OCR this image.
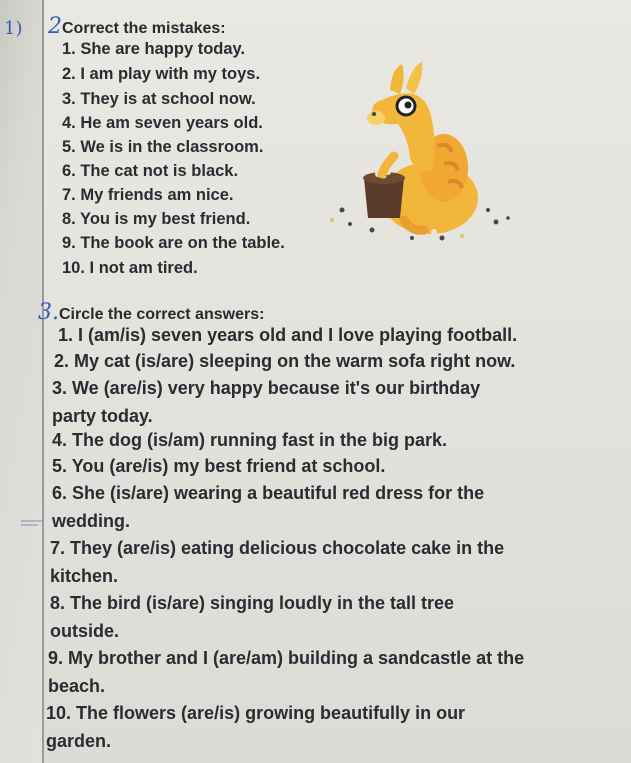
1) 2Correct the mistakes:
1. She are happy today.
2. I am play with my toys.
3. They is at school now.
4. He am seven years old.
5. We is in the classroom.
6. The cat not is black.
7. My friends am nice.
8. You is my best friend.
9. The book are on the table.
10. I not am tired.
3.Circle the correct answers:
1. I (am/is) seven years old and I love playing football.
2. My cat (is/are) sleeping on the warm sofa right now.
3. We (are/is) very happy because it's our birthday party today.
4. The dog (is/am) running fast in the big park.
5. You (are/is) my best friend at school.
6. She (is/are) wearing a beautiful red dress for the wedding.
7. They (are/is) eating delicious chocolate cake in the kitchen.
8. The bird (is/are) singing loudly in the tall tree outside.
9. My brother and I (are/am) building a sandcastle at the beach.
10. The flowers (are/is) growing beautifully in our garden.
